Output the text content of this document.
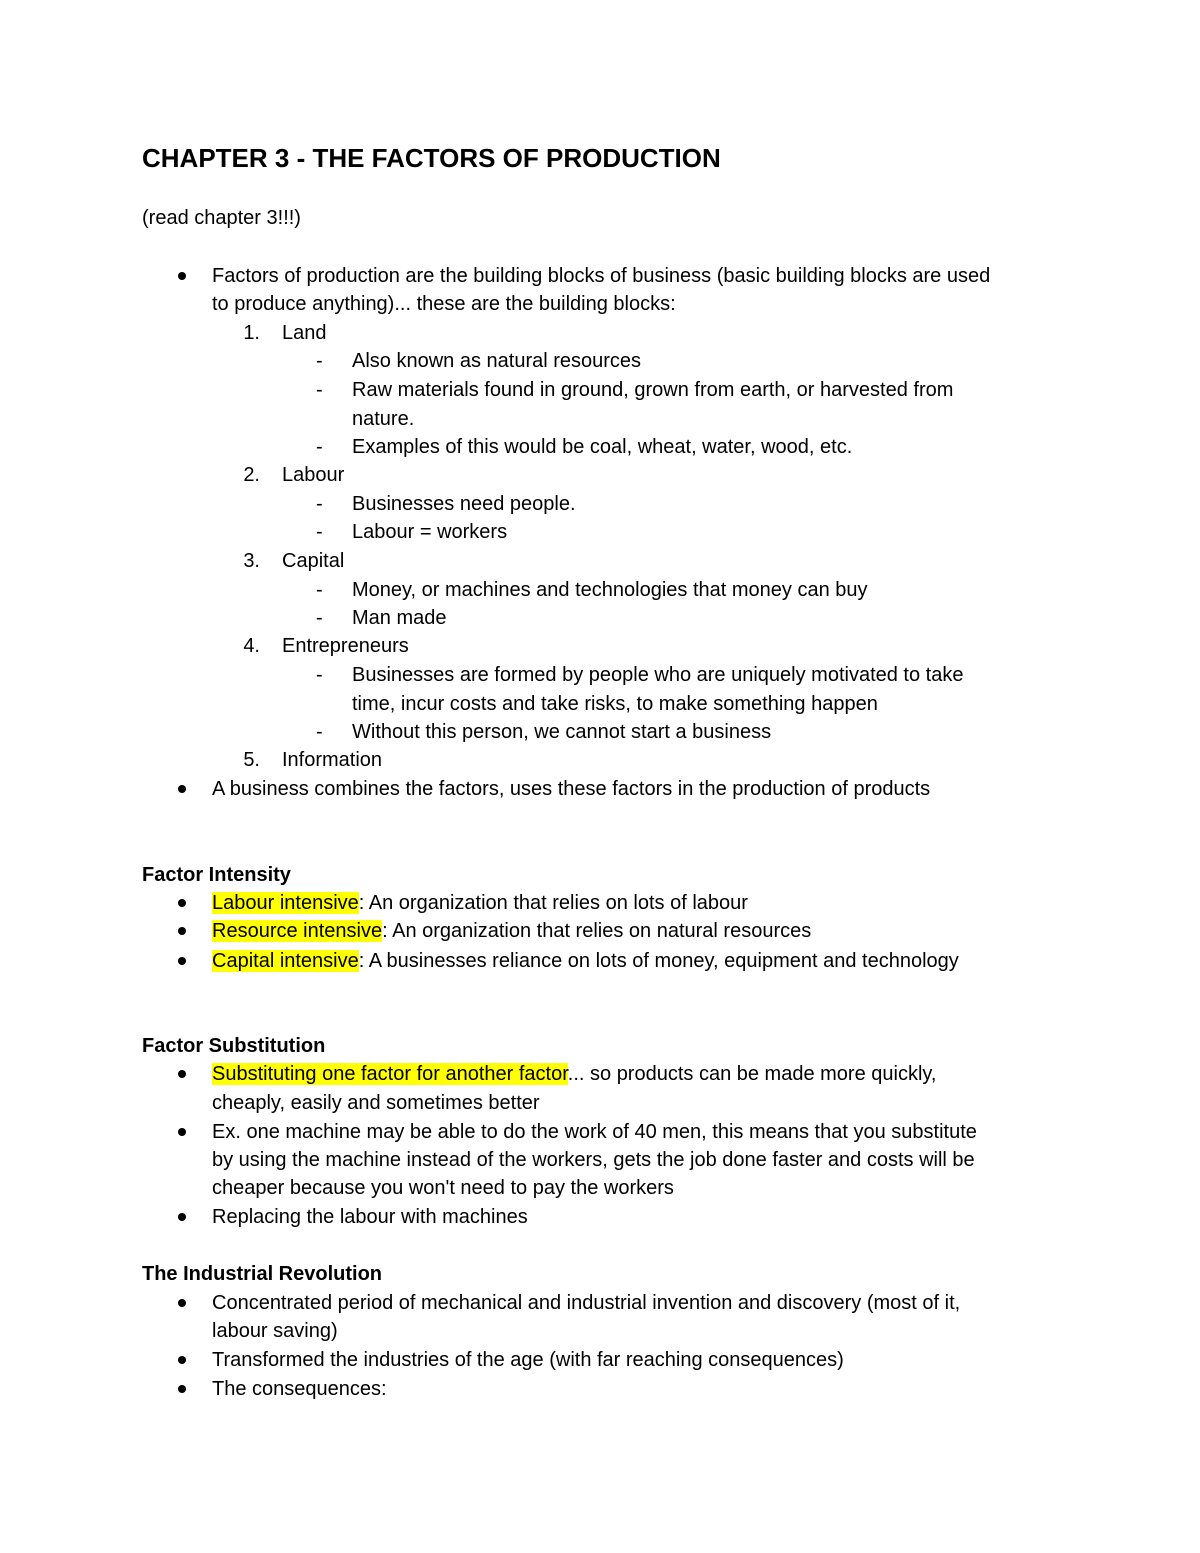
CHAPTER 3 - THE FACTORS OF PRODUCTION
(read chapter 3!!!)
Factors of production are the building blocks of business (basic building blocks are used
to produce anything)... these are the building blocks:
1. Land
- Also known as natural resources
- Raw materials found in ground, grown from earth, or harvested from
nature.
- Examples of this would be coal, wheat, water, wood, etc.
2. Labour
- Businesses need people.
- Labour = workers
3. Capital
- Money, or machines and technologies that money can buy
- Man made
4. Entrepreneurs
- Businesses are formed by people who are uniquely motivated to take
time, incur costs and take risks, to make something happen
- Without this person, we cannot start a business
5. Information
A business combines the factors, uses these factors in the production of products
Factor Intensity
Labour intensive: An organization that relies on lots of labour
Resource intensive: An organization that relies on natural resources
Capital intensive: A businesses reliance on lots of money, equipment and technology
Factor Substitution
Substituting one factor for another factor... so products can be made more quickly,
cheaply, easily and sometimes better
Ex. one machine may be able to do the work of 40 men, this means that you substitute
by using the machine instead of the workers, gets the job done faster and costs will be
cheaper because you won't need to pay the workers
Replacing the labour with machines
The Industrial Revolution
Concentrated period of mechanical and industrial invention and discovery (most of it,
labour saving)
Transformed the industries of the age (with far reaching consequences)
The consequences:
